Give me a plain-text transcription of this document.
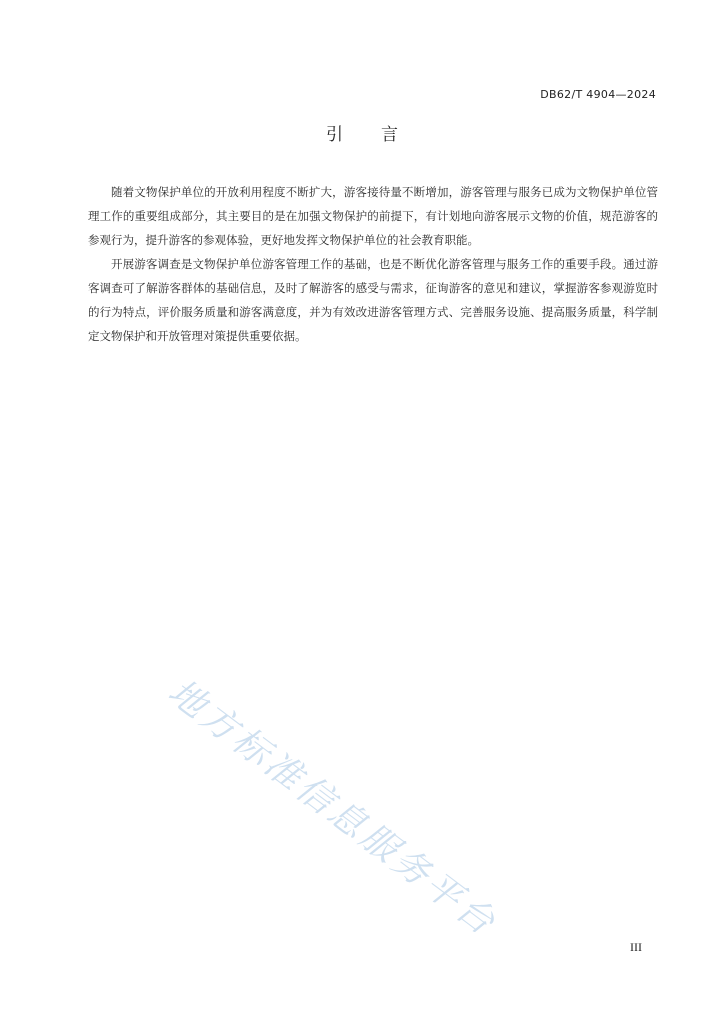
DB62/T 4904—2024
引 言

随着文物保护单位的开放利用程度不断扩大，游客接待量不断增加，游客管理与服务已成为文物保护单位管理工作的重要组成部分，其主要目的是在加强文物保护的前提下，有计划地向游客展示文物的价值，规范游客的参观行为，提升游客的参观体验，更好地发挥文物保护单位的社会教育职能。

开展游客调查是文物保护单位游客管理工作的基础，也是不断优化游客管理与服务工作的重要手段。通过游客调查可了解游客群体的基础信息，及时了解游客的感受与需求，征询游客的意见和建议，掌握游客参观游览时的行为特点，评价服务质量和游客满意度，并为有效改进游客管理方式、完善服务设施、提高服务质量，科学制定文物保护和开放管理对策提供重要依据。

地方标准信息服务平台
III
